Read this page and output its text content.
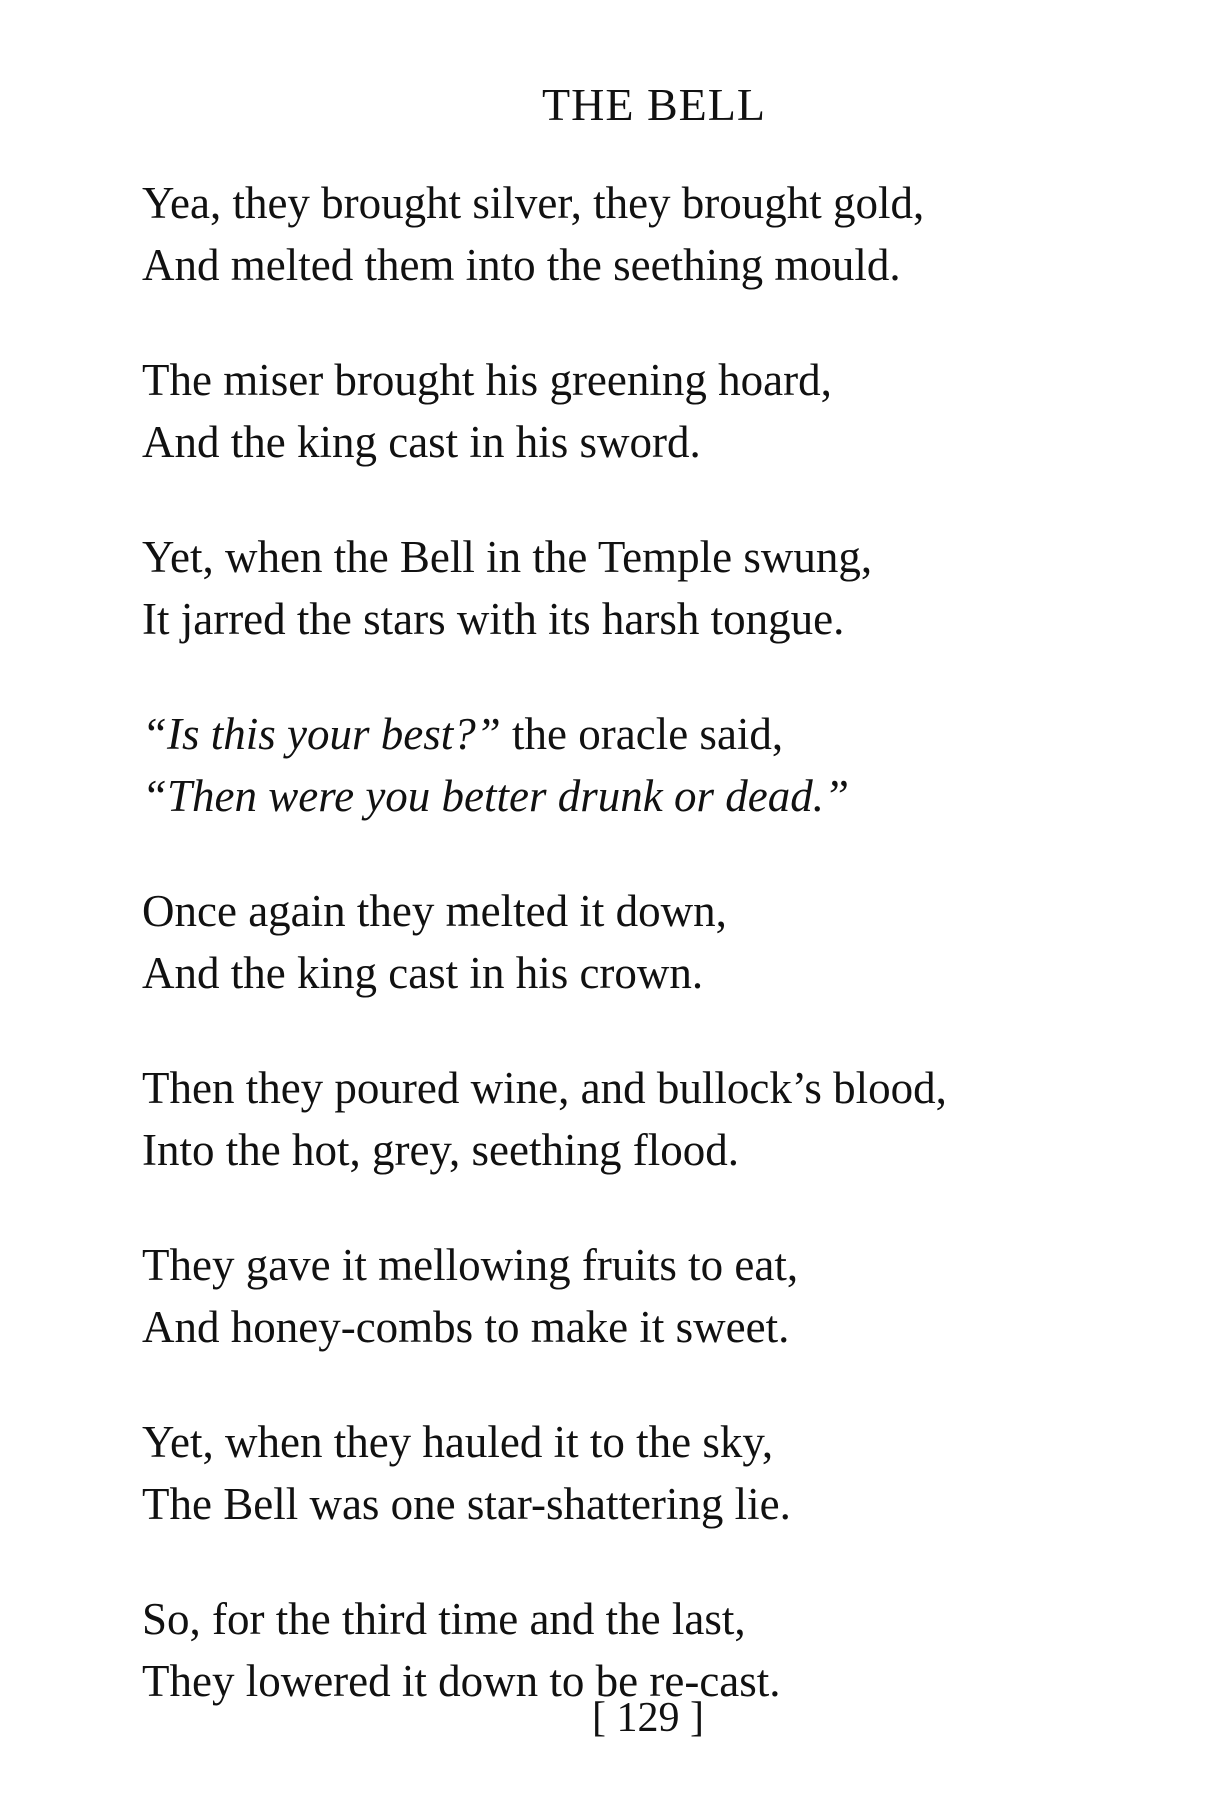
THE BELL
Yea, they brought silver, they brought gold,
And melted them into the seething mould.
The miser brought his greening hoard,
And the king cast in his sword.
Yet, when the Bell in the Temple swung,
It jarred the stars with its harsh tongue.
“Is this your best?” the oracle said,
“Then were you better drunk or dead.”
Once again they melted it down,
And the king cast in his crown.
Then they poured wine, and bullock’s blood,
Into the hot, grey, seething flood.
They gave it mellowing fruits to eat,
And honey-combs to make it sweet.
Yet, when they hauled it to the sky,
The Bell was one star-shattering lie.
So, for the third time and the last,
They lowered it down to be re-cast.
[ 129 ]
